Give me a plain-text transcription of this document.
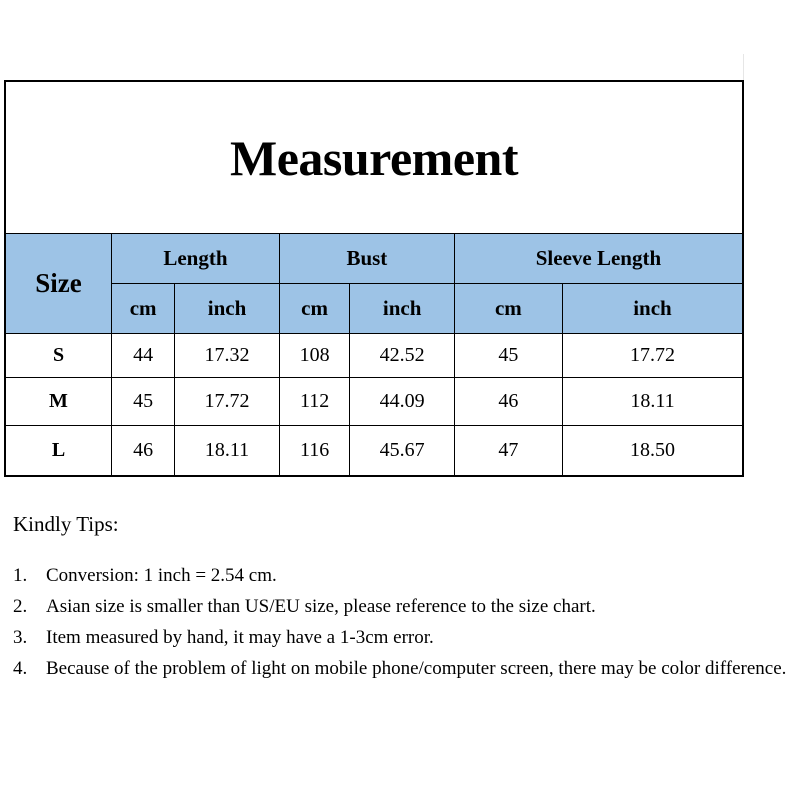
Measurement						
Size	Length		Bust		Sleeve Length	
	cm	inch	cm	inch	cm	inch
S	44	17.32	108	42.52	45	17.72
M	45	17.72	112	44.09	46	18.11
L	46	18.11	116	45.67	47	18.50
Kindly Tips:
1. Conversion: 1 inch = 2.54 cm.
2. Asian size is smaller than US/EU size, please reference to the size chart.
3. Item measured by hand, it may have a 1-3cm error.
4. Because of the problem of light on mobile phone/computer screen, there may be color difference.
